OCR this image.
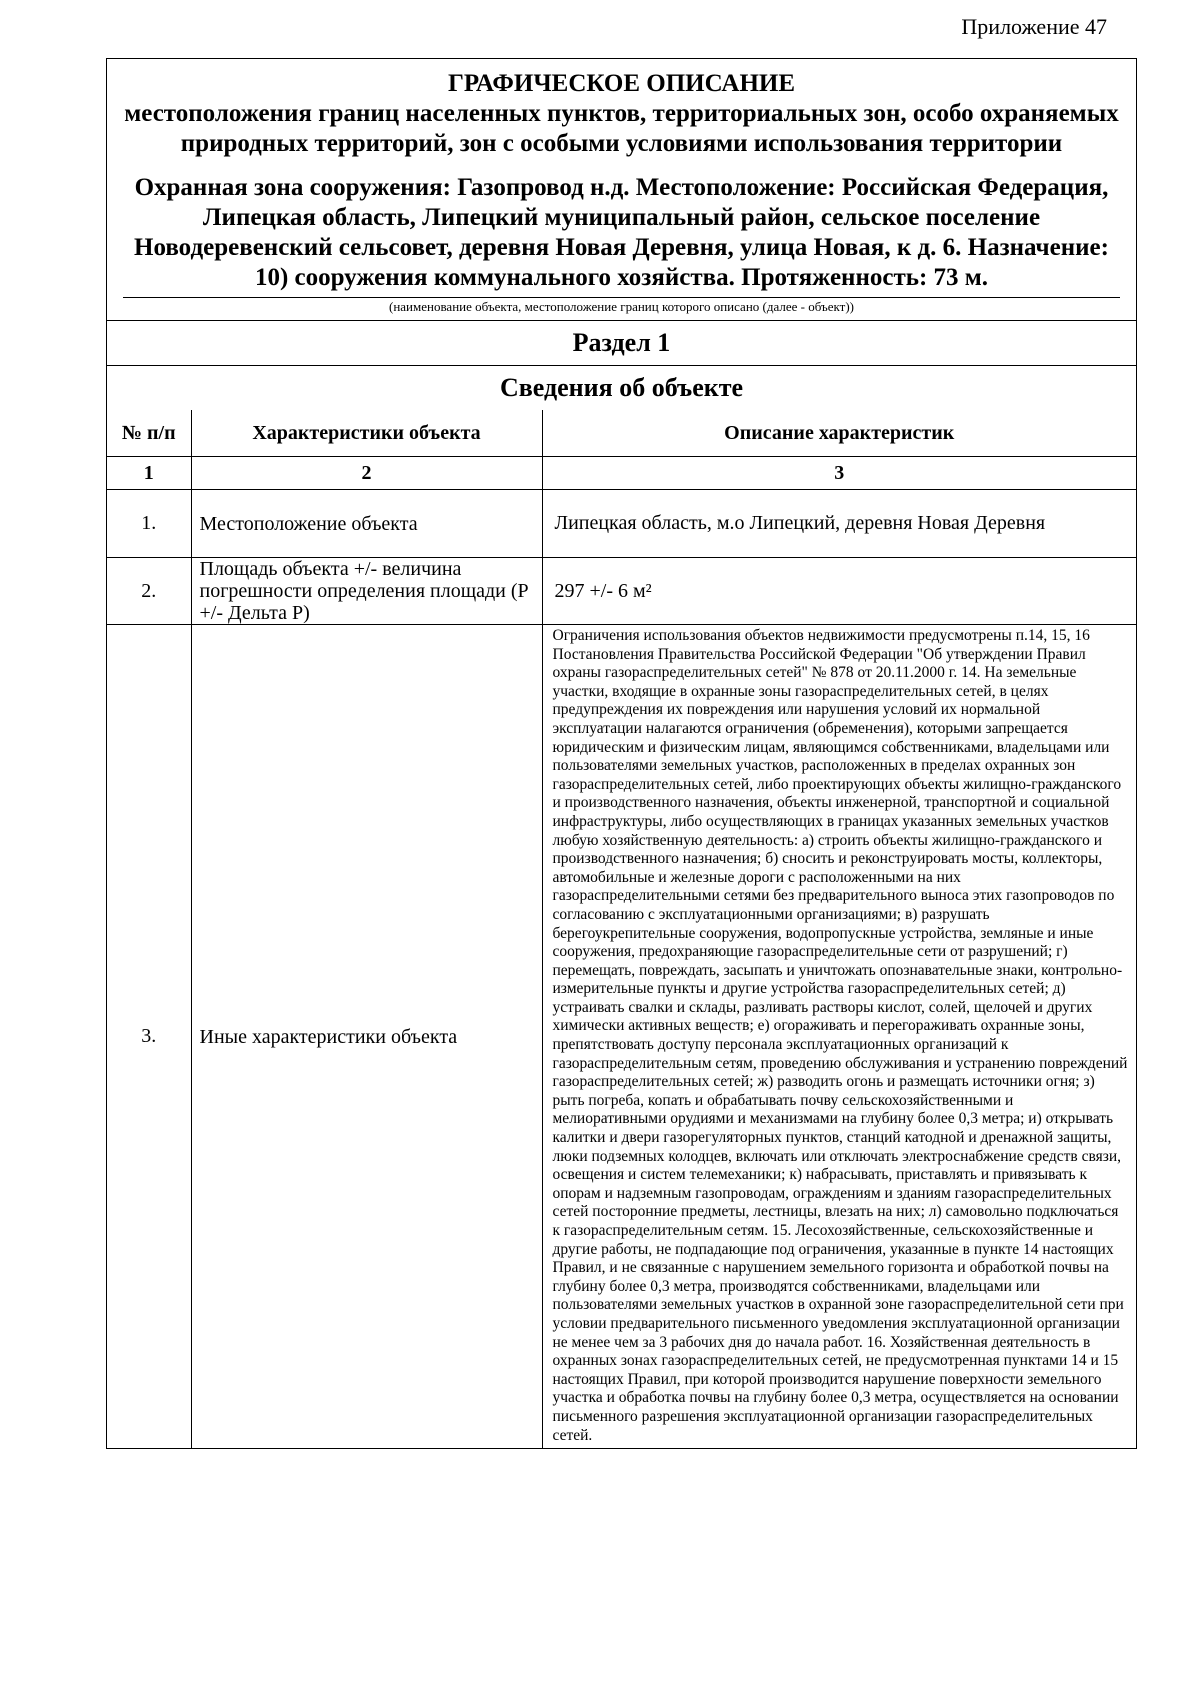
Приложение 47
ГРАФИЧЕСКОЕ ОПИСАНИЕ
местоположения границ населенных пунктов, территориальных зон, особо охраняемых природных территорий, зон с особыми условиями использования территории
Охранная зона сооружения: Газопровод н.д. Местоположение: Российская Федерация, Липецкая область, Липецкий муниципальный район, сельское поселение Новодеревенский сельсовет, деревня Новая Деревня, улица Новая, к д. 6. Назначение: 10) сооружения коммунального хозяйства. Протяженность: 73 м.
(наименование объекта, местоположение границ которого описано (далее - объект))
Раздел 1
Сведения об объекте
№ п/п	Характеристики объекта	Описание характеристик
1	2	3
1.	Местоположение объекта	Липецкая область, м.о Липецкий, деревня Новая Деревня
2.	Площадь объекта +/- величина погрешности определения площади (Р +/- Дельта Р)	297 +/- 6 м²
3.	Иные характеристики объекта	Ограничения использования объектов недвижимости предусмотрены п.14, 15, 16 Постановления Правительства Российской Федерации "Об утверждении Правил охраны газораспределительных сетей" № 878 от 20.11.2000 г. 14. На земельные участки, входящие в охранные зоны газораспределительных сетей, в целях предупреждения их повреждения или нарушения условий их нормальной эксплуатации налагаются ограничения (обременения), которыми запрещается юридическим и физическим лицам, являющимся собственниками, владельцами или пользователями земельных участков, расположенных в пределах охранных зон газораспределительных сетей, либо проектирующих объекты жилищно-гражданского и производственного назначения, объекты инженерной, транспортной и социальной инфраструктуры, либо осуществляющих в границах указанных земельных участков любую хозяйственную деятельность: а) строить объекты жилищно-гражданского и производственного назначения; б) сносить и реконструировать мосты, коллекторы, автомобильные и железные дороги с расположенными на них газораспределительными сетями без предварительного выноса этих газопроводов по согласованию с эксплуатационными организациями; в) разрушать берегоукрепительные сооружения, водопропускные устройства, земляные и иные сооружения, предохраняющие газораспределительные сети от разрушений; г) перемещать, повреждать, засыпать и уничтожать опознавательные знаки, контрольно-измерительные пункты и другие устройства газораспределительных сетей; д) устраивать свалки и склады, разливать растворы кислот, солей, щелочей и других химически активных веществ; е) огораживать и перегораживать охранные зоны, препятствовать доступу персонала эксплуатационных организаций к газораспределительным сетям, проведению обслуживания и устранению повреждений газораспределительных сетей; ж) разводить огонь и размещать источники огня; з) рыть погреба, копать и обрабатывать почву сельскохозяйственными и мелиоративными орудиями и механизмами на глубину более 0,3 метра; и) открывать калитки и двери газорегуляторных пунктов, станций катодной и дренажной защиты, люки подземных колодцев, включать или отключать электроснабжение средств связи, освещения и систем телемеханики; к) набрасывать, приставлять и привязывать к опорам и надземным газопроводам, ограждениям и зданиям газораспределительных сетей посторонние предметы, лестницы, влезать на них; л) самовольно подключаться к газораспределительным сетям. 15. Лесохозяйственные, сельскохозяйственные и другие работы, не подпадающие под ограничения, указанные в пункте 14 настоящих Правил, и не связанные с нарушением земельного горизонта и обработкой почвы на глубину более 0,3 метра, производятся собственниками, владельцами или пользователями земельных участков в охранной зоне газораспределительной сети при условии предварительного письменного уведомления эксплуатационной организации не менее чем за 3 рабочих дня до начала работ. 16. Хозяйственная деятельность в охранных зонах газораспределительных сетей, не предусмотренная пунктами 14 и 15 настоящих Правил, при которой производится нарушение поверхности земельного участка и обработка почвы на глубину более 0,3 метра, осуществляется на основании письменного разрешения эксплуатационной организации газораспределительных сетей.
